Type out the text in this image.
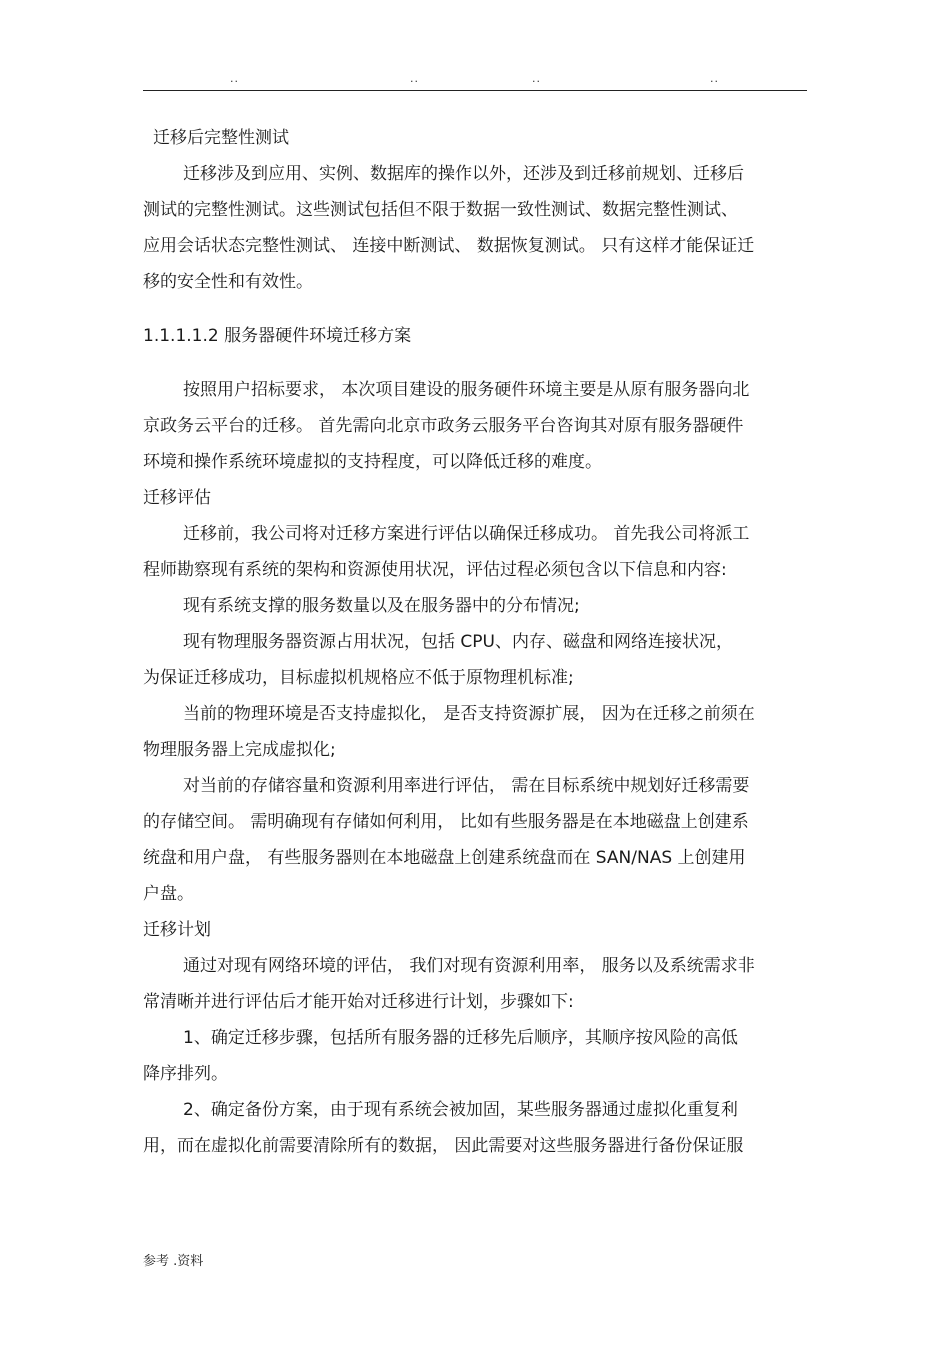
..	..	..	..
迁移后完整性测试
迁移涉及到应用、实例、数据库的操作以外，还涉及到迁移前规划、迁移后
测试的完整性测试。这些测试包括但不限于数据一致性测试、数据完整性测试、
应用会话状态完整性测试、 连接中断测试、 数据恢复测试。 只有这样才能保证迁
移的安全性和有效性。
1.1.1.1.2 服务器硬件环境迁移方案
按照用户招标要求， 本次项目建设的服务硬件环境主要是从原有服务器向北
京政务云平台的迁移。 首先需向北京市政务云服务平台咨询其对原有服务器硬件
环境和操作系统环境虚拟的支持程度，可以降低迁移的难度。
迁移评估
迁移前，我公司将对迁移方案进行评估以确保迁移成功。 首先我公司将派工
程师勘察现有系统的架构和资源使用状况，评估过程必须包含以下信息和内容:
现有系统支撑的服务数量以及在服务器中的分布情况;
现有物理服务器资源占用状况，包括 CPU、内存、磁盘和网络连接状况，
为保证迁移成功，目标虚拟机规格应不低于原物理机标准;
当前的物理环境是否支持虚拟化， 是否支持资源扩展， 因为在迁移之前须在
物理服务器上完成虚拟化;
对当前的存储容量和资源利用率进行评估， 需在目标系统中规划好迁移需要
的存储空间。 需明确现有存储如何利用， 比如有些服务器是在本地磁盘上创建系
统盘和用户盘， 有些服务器则在本地磁盘上创建系统盘而在 SAN/NAS 上创建用
户盘。
迁移计划
通过对现有网络环境的评估， 我们对现有资源利用率， 服务以及系统需求非
常清晰并进行评估后才能开始对迁移进行计划，步骤如下:
1、确定迁移步骤，包括所有服务器的迁移先后顺序，其顺序按风险的高低
降序排列。
2、确定备份方案，由于现有系统会被加固，某些服务器通过虚拟化重复利
用，而在虚拟化前需要清除所有的数据， 因此需要对这些服务器进行备份保证服
参考 .资料
